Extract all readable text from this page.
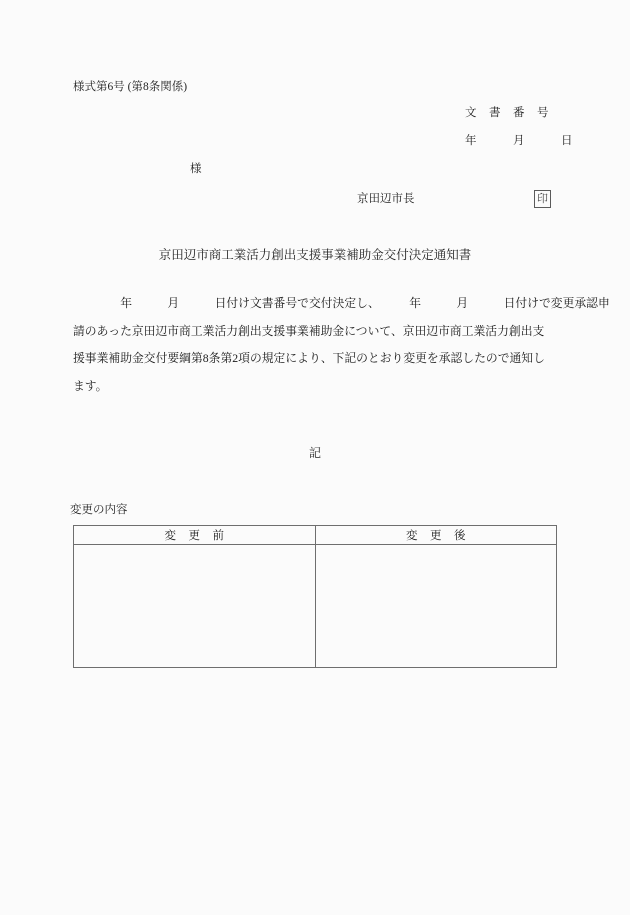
様式第6号 (第8条関係)
文　書　番　号
年　　　月　　　日
様
京田辺市長	印
京田辺市商工業活力創出支援事業補助金交付決定通知書
　　　　年　　　月　　　日付け文書番号で交付決定し、　　　年　　　月　　　日付けで変更承認申
請のあった京田辺市商工業活力創出支援事業補助金について、京田辺市商工業活力創出支
援事業補助金交付要綱第8条第2項の規定により、下記のとおり変更を承認したので通知し
ます。
記
変更の内容
変　更　前	変　更　後
